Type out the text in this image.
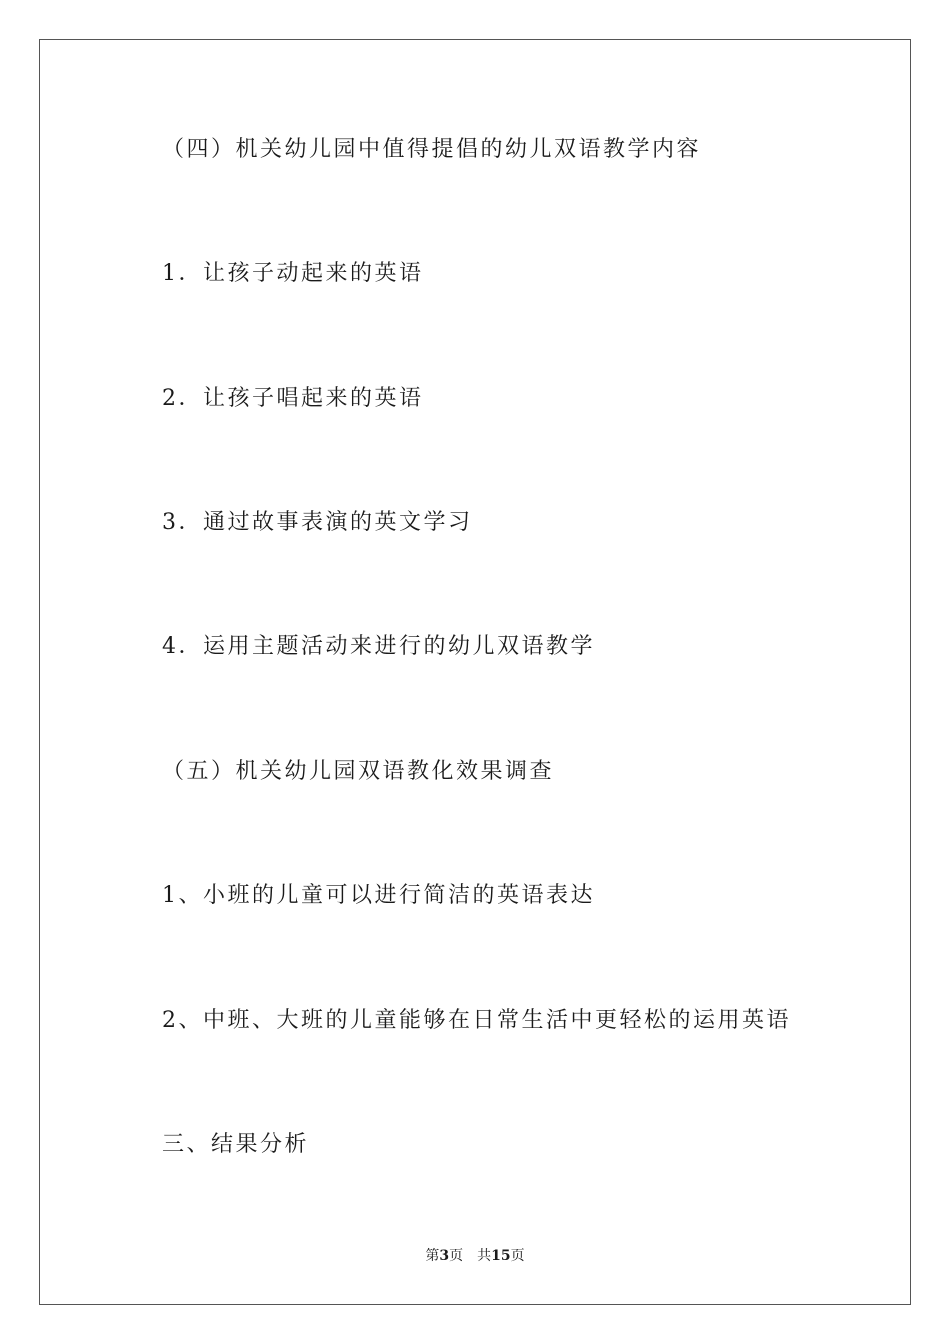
（四）机关幼儿园中值得提倡的幼儿双语教学内容
1．让孩子动起来的英语
2．让孩子唱起来的英语
3．通过故事表演的英文学习
4．运用主题活动来进行的幼儿双语教学
（五）机关幼儿园双语教化效果调查
1、小班的儿童可以进行简洁的英语表达
2、中班、大班的儿童能够在日常生活中更轻松的运用英语
三、结果分析
第3页 共15页
